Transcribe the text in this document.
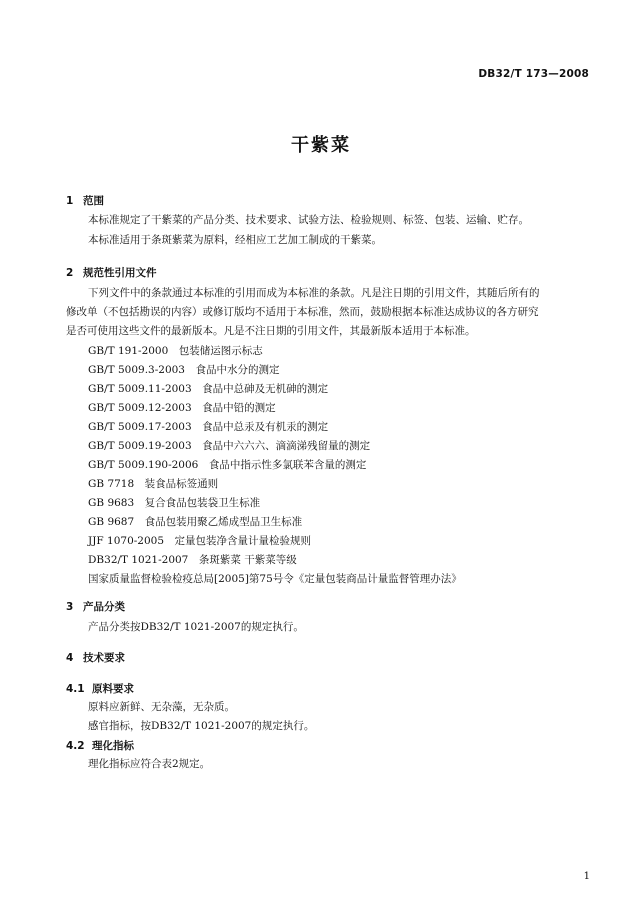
DB32/T 173—2008
干紫菜
1 范围
本标准规定了干紫菜的产品分类、技术要求、试验方法、检验规则、标签、包装、运输、贮存。
本标准适用于条斑紫菜为原料，经相应工艺加工制成的干紫菜。
2 规范性引用文件
下列文件中的条款通过本标准的引用而成为本标准的条款。凡是注日期的引用文件，其随后所有的
修改单（不包括勘误的内容）或修订版均不适用于本标准，然而，鼓励根据本标准达成协议的各方研究
是否可使用这些文件的最新版本。凡是不注日期的引用文件，其最新版本适用于本标准。
GB/T 191-2000　包装储运图示标志
GB/T 5009.3-2003　食品中水分的测定
GB/T 5009.11-2003　食品中总砷及无机砷的测定
GB/T 5009.12-2003　食品中铅的测定
GB/T 5009.17-2003　食品中总汞及有机汞的测定
GB/T 5009.19-2003　食品中六六六、滴滴涕残留量的测定
GB/T 5009.190-2006　食品中指示性多氯联苯含量的测定
GB 7718　装食品标签通则
GB 9683　复合食品包装袋卫生标准
GB 9687　食品包装用聚乙烯成型品卫生标准
JJF 1070-2005　定量包装净含量计量检验规则
DB32/T 1021-2007　条斑紫菜 干紫菜等级
国家质量监督检验检疫总局[2005]第75号令《定量包装商品计量监督管理办法》
3 产品分类
产品分类按DB32/T 1021-2007的规定执行。
4 技术要求
4.1 原料要求
原料应新鲜、无杂藻，无杂质。
感官指标，按DB32/T 1021-2007的规定执行。
4.2 理化指标
理化指标应符合表2规定。
1
